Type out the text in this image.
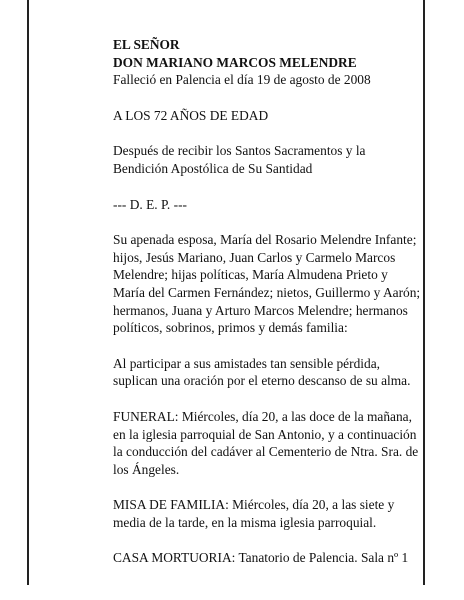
EL SEÑOR

DON MARIANO MARCOS MELENDRE

Falleció en Palencia el día 19 de agosto de 2008

A LOS 72 AÑOS DE EDAD

Después de recibir los Santos Sacramentos y la Bendición Apostólica de Su Santidad

--- D. E. P. ---

Su apenada esposa, María del Rosario Melendre Infante; hijos, Jesús Mariano, Juan Carlos y Carmelo Marcos Melendre; hijas políticas, María Almudena Prieto y María del Carmen Fernández; nietos, Guillermo y Aarón; hermanos, Juana y Arturo Marcos Melendre; hermanos políticos, sobrinos, primos y demás familia:

Al participar a sus amistades tan sensible pérdida, suplican una oración por el eterno descanso de su alma.

FUNERAL: Miércoles, día 20, a las doce de la mañana, en la iglesia parroquial de San Antonio, y a continuación la conducción del cadáver al Cementerio de Ntra. Sra. de los Ángeles.

MISA DE FAMILIA: Miércoles, día 20, a las siete y media de la tarde, en la misma iglesia parroquial.

CASA MORTUORIA: Tanatorio de Palencia. Sala nº 1
